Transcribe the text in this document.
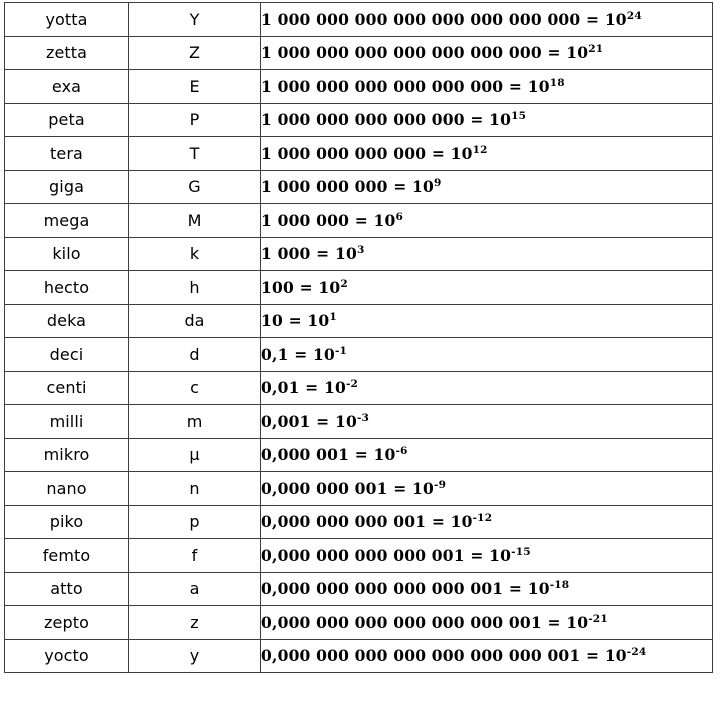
yotta	Y	1 000 000 000 000 000 000 000 $000 = 10^{24}$
zetta	Z	1 000 000 000 000 000 000 $000 = 10^{21}$
exa	E	1 000 000 000 000 000 $000 = 10^{18}$
peta	P	1 000 000 000 000 $000 = 10^{15}$
tera	T	1 000 000 000 $000 = 10^{12}$
giga	G	1 000 000 $000 = 10^9$
mega	M	1 000 $000 = 10^6$
kilo	k	1 $000 = 10^3$
hecto	h	$100 = 10^2$
deka	da	$10 = 10^1$
deci	d	$0,1 = 10^{-1}$
centi	c	$0,01 = 10^{-2}$
milli	m	$0,001 = 10^{-3}$
mikro	µ	0,000 $001 = 10^{-6}$
nano	n	0,000 000 $001 = 10^{-9}$
piko	p	0,000 000 000 $001 = 10^{-12}$
femto	f	0,000 000 000 000 $001 = 10^{-15}$
atto	a	0,000 000 000 000 000 $001 = 10^{-18}$
zepto	z	0,000 000 000 000 000 000 $001 = 10^{-21}$
yocto	y	0,000 000 000 000 000 000 000 $001 = 10^{-24}$
